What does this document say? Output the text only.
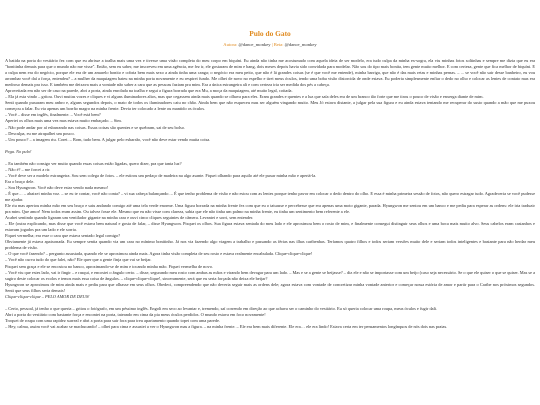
Pulo do Gato
Autora: @dance_monkey | Beta: @dance_monkey

A batida na porta do vestiário fez com que eu abrisse a toalha mais uma vez e tivesse uma visão completa do meu corpo em biquíni. Eu ainda não tinha me acostumado com aquela ideia de ser modelo, era tudo culpa da minha ex-sogra, ela viu minhas fotos soltinhas e sempre me dizia que eu era "bonitinha demais para que o mundo não me visse". Então, sem eu saber, me inscreveu em uma agência, me fez ir, ele gostaram de mim e bang, dois meses depois havia sido convidada para modelar. Não sou do tipo mais bonita, tem gente muito melhor. E com certeza, gente que fica melhor de biquíni. E a culpa nem era do negócio, porque ele era de um amarelo bonito e cobria bem mais sexo a ainda tinha uma canga; o negócio era meu peito, que não é lá grandes coisas (se é que você me entende), minha barriga, que não é das mais retas e minhas pernas. – ... se você não sair desse banheiro, eu vou arrombar você daí a força, entendeu? – a mulher da maquiagem bateu na minha porta novamente e eu respirei fundo. Me olhei de novo no espelho e tirei meus óculos, tendo uma boba visão distorcida de onde estava. Eu poderia simplesmente enfiar o dedo no olho e colocar as lentes de contato mas era medroso demais pra isso. E também me deixava mais a vontade não saber a cara que as pessoas faziam pra mim. Era a única estrangeira ali e com certeza iria ser medida dos pés a cabeça.

Aproveitada em não ser de caso na parede, abri a porta, ainda enrolada na toalha e segui a figura borrada que era Mu, a moça da maquiagem, até muito legal, coitada.

– Ela já esta vindo – gritou. Ouvi muitas vozes e cliques e vi alguns iluminadores altos, mas que cegassem ainda mais quando se olhava para eles. Eram grandes e quentes e a luz que saía deles era de um branco tão forte que me tirou o pouco de visão e enxerga diante de mim.

Senti quando puxaram meu anbro e, alguns segundos depois, o mato de todos os iluminadores caiu no chão. Ainda bem que não esqueceu mas ser alguém vingando muito. Meu Jó estava distante, a julgar pela sua figura e eu ainda estava tentando me recuperar do susto quando a mão que me puxou começou a falar. Eu via apenas um borrão magro na minha frente. Devia ter colocado a lente ou mantido os óculos.

– Você – disse em inglês, finalmente. – Você está bem?

Apertei os olhos mais uma vez mas estava muito embaçado. – Sim.

– Não pode andar por aí esbarrando nas coisas. Essas coisas são quentes e se quebram, sai de seu bolso.

– Desculpa, eu me atrapalhei um pouco.

– Um pouco? – a imagem riu. Corei. – Bom, tudo bem. A julgar pelo esbarrão, você não deve estar vendo muita coisa.

Pega. No pulo!

– Eu também não consigo ver muito quando essas coisas estão ligadas, quero dizer, pra que tanta luz?

– Não é? – me forcei a rir.

– Você deve ser a modelo estrangeira. Sou sem colega de fotos. – ele estirou um pedaço de madeira na algo asante. Fiquei olhando para aquilo até ele puxar minha mão e apertá-la.

Era o braço dele.

– Sou Hyungwon. Você não deve estar vendo nada mesmo!

– É que… – abaixei minha voz. – se eu te contar, você não conta? – vi sua cabeça balançando. – É que tenho problema de visão e não estou com as lentes porque tenho pavor em colocar o dedo dentro do olho. E essa é minha primeira sessão de fotos, não quero estragar tudo. Agradeceria se você pudesse me ajudar.

Ele riu mas apertou minha mão em seu braço e saiu andando comigo até uma tela verde enorme. Uma figura borrada na minha frente fez com que eu o tatuasse e percebesse que era apenas uma moto gigante, parada. Hyungwon me sentou em um banco e me pediu para esperar as ordens: ele iria traduzir pra mim. Que amor! Nem todos eram assim. Ou talvez fosse ele. Mesmo que eu não visse com clareza, sabia que ele não tinha um palmo na minha frente, eu tinha um sentimento bem referente a ele.

Acabei sentindo quando ligaram um ventilador gigante na minha cara e ouvi cinco cliques seguintes de câmera. Levantei e sorri, sem entender.

– Ele (outra explicando, mas disse que você estava bem natural e gosta de falar, – disse Hyungwon. Pisquei os olhos. Sua figura estava sentada do meu lado e ele aproximou bem o rosto de mim, e finalmente consegui distinguir seus olhos e uma boca mais muito alvo. Seus cabelos eram castanhos e estavam jogados pra um lado e ele sorria.

Fiquei vermelha; era esse o cara que estava sentado legal comigo?

Obviamente já estava apaixonada. Eu sempre sentia quando via um cara no mínimo bonitinho. Já nos via fazendo algo viagem a trabalho e passando as férias nas ilhas caribenhas. Teríamos quatro filhos e todos seriam versões muito dele e seriam todos inteligentes e bastante para não herdar meu problema de visão.

– O que você fazendo? – pergunto assustada, quando ele se aproximou ainda mais. Agora tinha visão completa de seu rosto e estava realmente encabulada. Clique-clique-clique!

– Você não curva tudo do que falei, não? Ele quer que a gente finja que vai se beijar.

Pisquei sem graça e ele se encostou no banco, aproximando-se de mim e tocando minha mão. Fiquei vermelha de novo.

– Você viu que estes lado, vai ir fingir – e rasqui, e encostei o ângulo certo. – disse, segurando meu rosto com ambas as mãos e virando bem devagar para um lado. – Mas e se a gente se beijasse? – diz ele e não se importasse com um beijo (caso seja necessário. Se o que ele quiser o que se quiser. Mas se a sugiro deste colocar os ecolos e temos mais essa coisa de ângulos. – clique-clique-clique!, sinceramente, será que eu seria forçada não deixa ele beijar?

Hyungwon se aproximou de mim ainda mais e pediu para que olhasse em seus olhos. Obedeci, compreendendo que não deveria seguir mais as ordens dele; agora estava com vontade de concretizar minha vontade anterior e começar nossa estória de amor e partir para o Caribe nos próximos segundos. Senti que seus filhos seria demais!

Clique-clique-clique – PELO AMOR DE DEUS!

– Certo, pessoal, já tenho o que queria – gritou o fotógrafo, em um péssimo inglês. Engoli em seco ao levantar e, tremendo, saí correndo em direção ao que achava ser o caminho do vestiário. Eu só queria colocar uma roupa, meus óculos e fugir dali.

Abri a porta do vestiário com bastante força e encontei na porta, tateando em cima da pia meus óculos perdidos. O mundo estava em foco novamente!

Troquei de roupa com uma rapidez surreal e abri a porta para sair fora para treu apartamento quando topei com uma parede.

– Hey, calma, assim você vai acabar se machucando! – olhei para cima e assustei a ver o Hyungwon mas a figura. – na minha frente. – Ele era bem mais diferente. Ele era… ele era lindo! Estava certa em ter pensamentos longínquos de nós dois nas praias.
